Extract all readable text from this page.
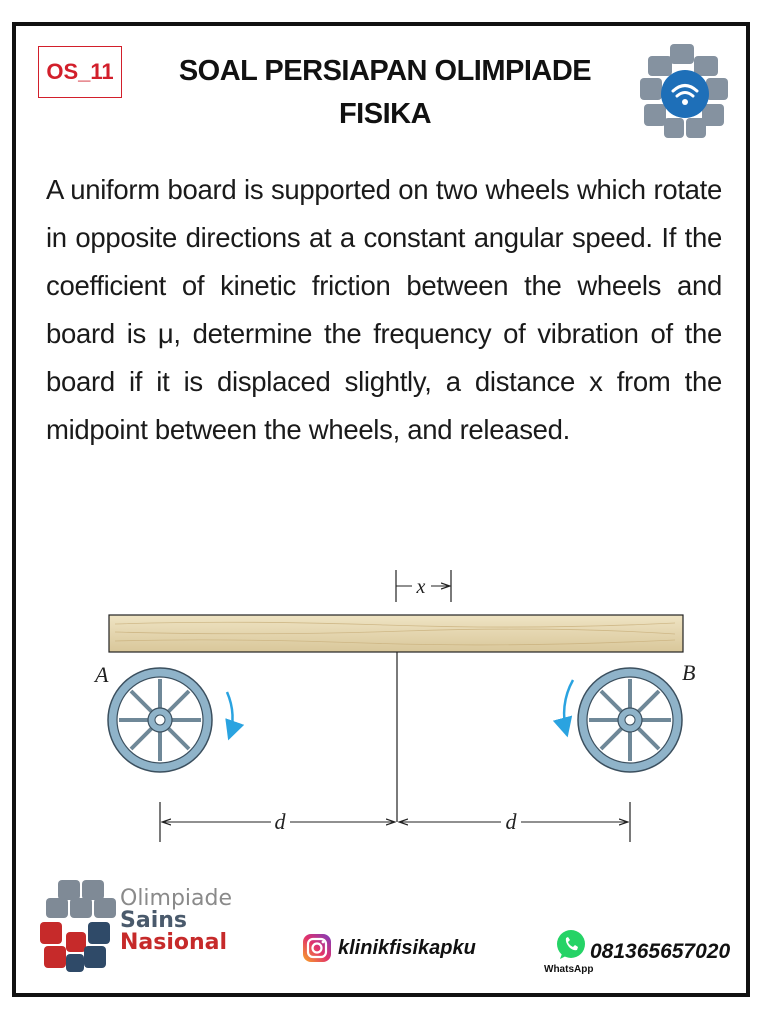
OS_11	SOAL PERSIAPAN OLIMPIADE
FISIKA
A uniform board is supported on two wheels which rotate in opposite directions at a constant angular speed. If the coefficient of kinetic friction between the wheels and board is μ, determine the frequency of vibration of the board if it is displaced slightly, a distance x from the midpoint between the wheels, and released.
x
A	B
d	d
Olimpiade
Sains
Nasional	klinikfisikapku	081365657020
WhatsApp
